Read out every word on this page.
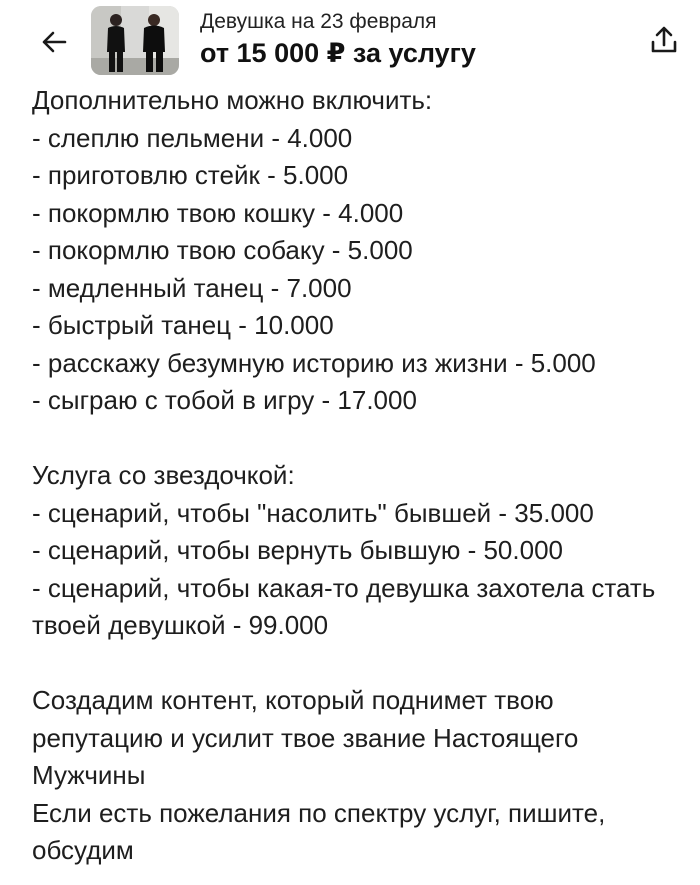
Девушка на 23 февраля
от 15 000 ₽ за услугу
Дополнительно можно включить:
- слеплю пельмени - 4.000
- приготовлю стейк - 5.000
- покормлю твою кошку - 4.000
- покормлю твою собаку - 5.000
- медленный танец - 7.000
- быстрый танец - 10.000
- расскажу безумную историю из жизни - 5.000
- сыграю с тобой в игру - 17.000
Услуга со звездочкой:
- сценарий, чтобы "насолить" бывшей - 35.000
- сценарий, чтобы вернуть бывшую - 50.000
- сценарий, чтобы какая-то девушка захотела стать
твоей девушкой - 99.000
Создадим контент, который поднимет твою
репутацию и усилит твое звание Настоящего
Мужчины
Если есть пожелания по спектру услуг, пишите,
обсудим
